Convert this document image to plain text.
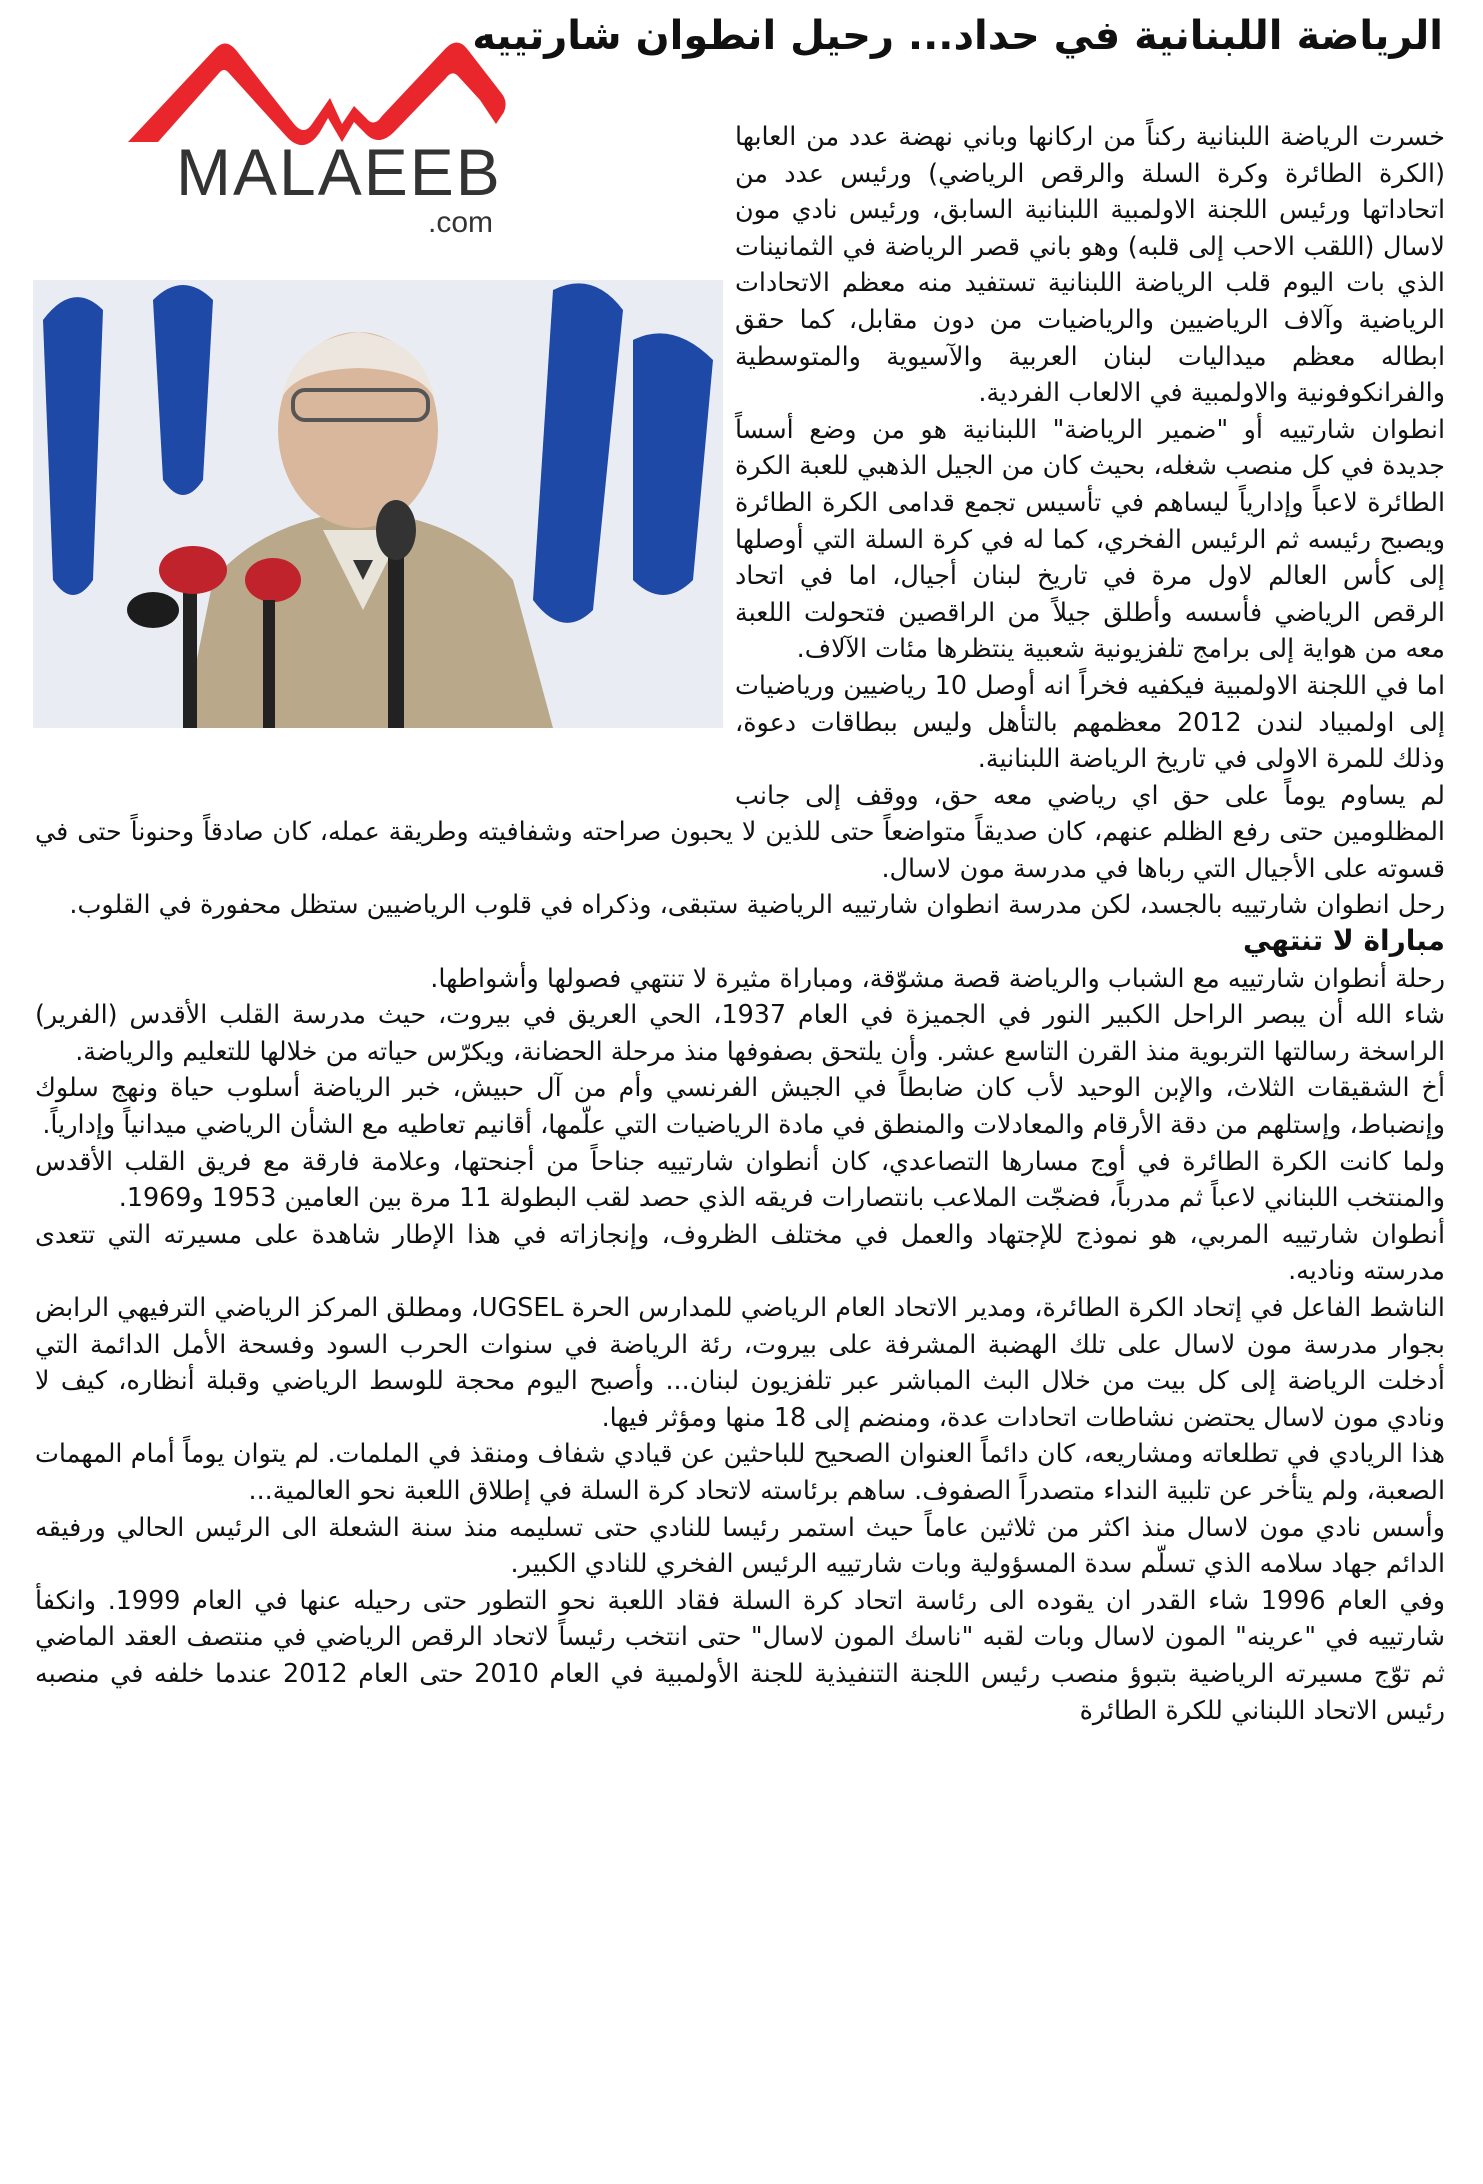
الرياضة اللبنانية في حداد... رحيل انطوان شارتييه
MALAEEB
.com

خسرت الرياضة اللبنانية ركناً من اركانها وباني نهضة عدد من العابها (الكرة الطائرة وكرة السلة والرقص الرياضي) ورئيس عدد من اتحاداتها ورئيس اللجنة الاولمبية اللبنانية السابق، ورئيس نادي مون لاسال (اللقب الاحب إلى قلبه) وهو باني قصر الرياضة في الثمانينات الذي بات اليوم قلب الرياضة اللبنانية تستفيد منه معظم الاتحادات الرياضية وآلاف الرياضيين والرياضيات من دون مقابل، كما حقق ابطاله معظم ميداليات لبنان العربية والآسيوية والمتوسطية والفرانكوفونية والاولمبية في الالعاب الفردية.

انطوان شارتييه أو "ضمير الرياضة" اللبنانية هو من وضع أسساً جديدة في كل منصب شغله، بحيث كان من الجيل الذهبي للعبة الكرة الطائرة لاعباً وإدارياً ليساهم في تأسيس تجمع قدامى الكرة الطائرة ويصبح رئيسه ثم الرئيس الفخري، كما له في كرة السلة التي أوصلها إلى كأس العالم لاول مرة في تاريخ لبنان أجيال، اما في اتحاد الرقص الرياضي فأسسه وأطلق جيلاً من الراقصين فتحولت اللعبة معه من هواية إلى برامج تلفزيونية شعبية ينتظرها مئات الآلاف.

اما في اللجنة الاولمبية فيكفيه فخراً انه أوصل 10 رياضيين ورياضيات إلى اولمبياد لندن 2012 معظمهم بالتأهل وليس ببطاقات دعوة، وذلك للمرة الاولى في تاريخ الرياضة اللبنانية.

لم يساوم يوماً على حق اي رياضي معه حق، ووقف إلى جانب المظلومين حتى رفع الظلم عنهم، كان صديقاً متواضعاً حتى للذين لا يحبون صراحته وشفافيته وطريقة عمله، كان صادقاً وحنوناً حتى في قسوته على الأجيال التي رباها في مدرسة مون لاسال.

رحل انطوان شارتييه بالجسد، لكن مدرسة انطوان شارتييه الرياضية ستبقى، وذكراه في قلوب الرياضيين ستظل محفورة في القلوب.

مباراة لا تنتهي

رحلة أنطوان شارتييه مع الشباب والرياضة قصة مشوّقة، ومباراة مثيرة لا تنتهي فصولها وأشواطها.

شاء الله أن يبصر الراحل الكبير النور في الجميزة في العام 1937، الحي العريق في بيروت، حيث مدرسة القلب الأقدس (الفرير) الراسخة رسالتها التربوية منذ القرن التاسع عشر. وأن يلتحق بصفوفها منذ مرحلة الحضانة، ويكرّس حياته من خلالها للتعليم والرياضة.

أخ الشقيقات الثلاث، والإبن الوحيد لأب كان ضابطاً في الجيش الفرنسي وأم من آل حبيش، خبر الرياضة أسلوب حياة ونهج سلوك وإنضباط، وإستلهم من دقة الأرقام والمعادلات والمنطق في مادة الرياضيات التي علّمها، أقانيم تعاطيه مع الشأن الرياضي ميدانياً وإدارياً.

ولما كانت الكرة الطائرة في أوج مسارها التصاعدي، كان أنطوان شارتييه جناحاً من أجنحتها، وعلامة فارقة مع فريق القلب الأقدس والمنتخب اللبناني لاعباً ثم مدرباً، فضجّت الملاعب بانتصارات فريقه الذي حصد لقب البطولة 11 مرة بين العامين 1953 و1969.

أنطوان شارتييه المربي، هو نموذج للإجتهاد والعمل في مختلف الظروف، وإنجازاته في هذا الإطار شاهدة على مسيرته التي تتعدى مدرسته وناديه.

الناشط الفاعل في إتحاد الكرة الطائرة، ومدير الاتحاد العام الرياضي للمدارس الحرة UGSEL، ومطلق المركز الرياضي الترفيهي الرابض بجوار مدرسة مون لاسال على تلك الهضبة المشرفة على بيروت، رئة الرياضة في سنوات الحرب السود وفسحة الأمل الدائمة التي أدخلت الرياضة إلى كل بيت من خلال البث المباشر عبر تلفزيون لبنان... وأصبح اليوم محجة للوسط الرياضي وقبلة أنظاره، كيف لا ونادي مون لاسال يحتضن نشاطات اتحادات عدة، ومنضم إلى 18 منها ومؤثر فيها.

هذا الريادي في تطلعاته ومشاريعه، كان دائماً العنوان الصحيح للباحثين عن قيادي شفاف ومنقذ في الملمات. لم يتوان يوماً أمام المهمات الصعبة، ولم يتأخر عن تلبية النداء متصدراً الصفوف. ساهم برئاسته لاتحاد كرة السلة في إطلاق اللعبة نحو العالمية...

وأسس نادي مون لاسال منذ اكثر من ثلاثين عاماً حيث استمر رئيسا للنادي حتى تسليمه منذ سنة الشعلة الى الرئيس الحالي ورفيقه الدائم جهاد سلامه الذي تسلّم سدة المسؤولية وبات شارتييه الرئيس الفخري للنادي الكبير.

وفي العام 1996 شاء القدر ان يقوده الى رئاسة اتحاد كرة السلة فقاد اللعبة نحو التطور حتى رحيله عنها في العام 1999. وانكفأ شارتييه في "عرينه" المون لاسال وبات لقبه "ناسك المون لاسال" حتى انتخب رئيساً لاتحاد الرقص الرياضي في منتصف العقد الماضي ثم توّج مسيرته الرياضية بتبوؤ منصب رئيس اللجنة التنفيذية للجنة الأولمبية في العام 2010 حتى العام 2012 عندما خلفه في منصبه رئيس الاتحاد اللبناني للكرة الطائرة
